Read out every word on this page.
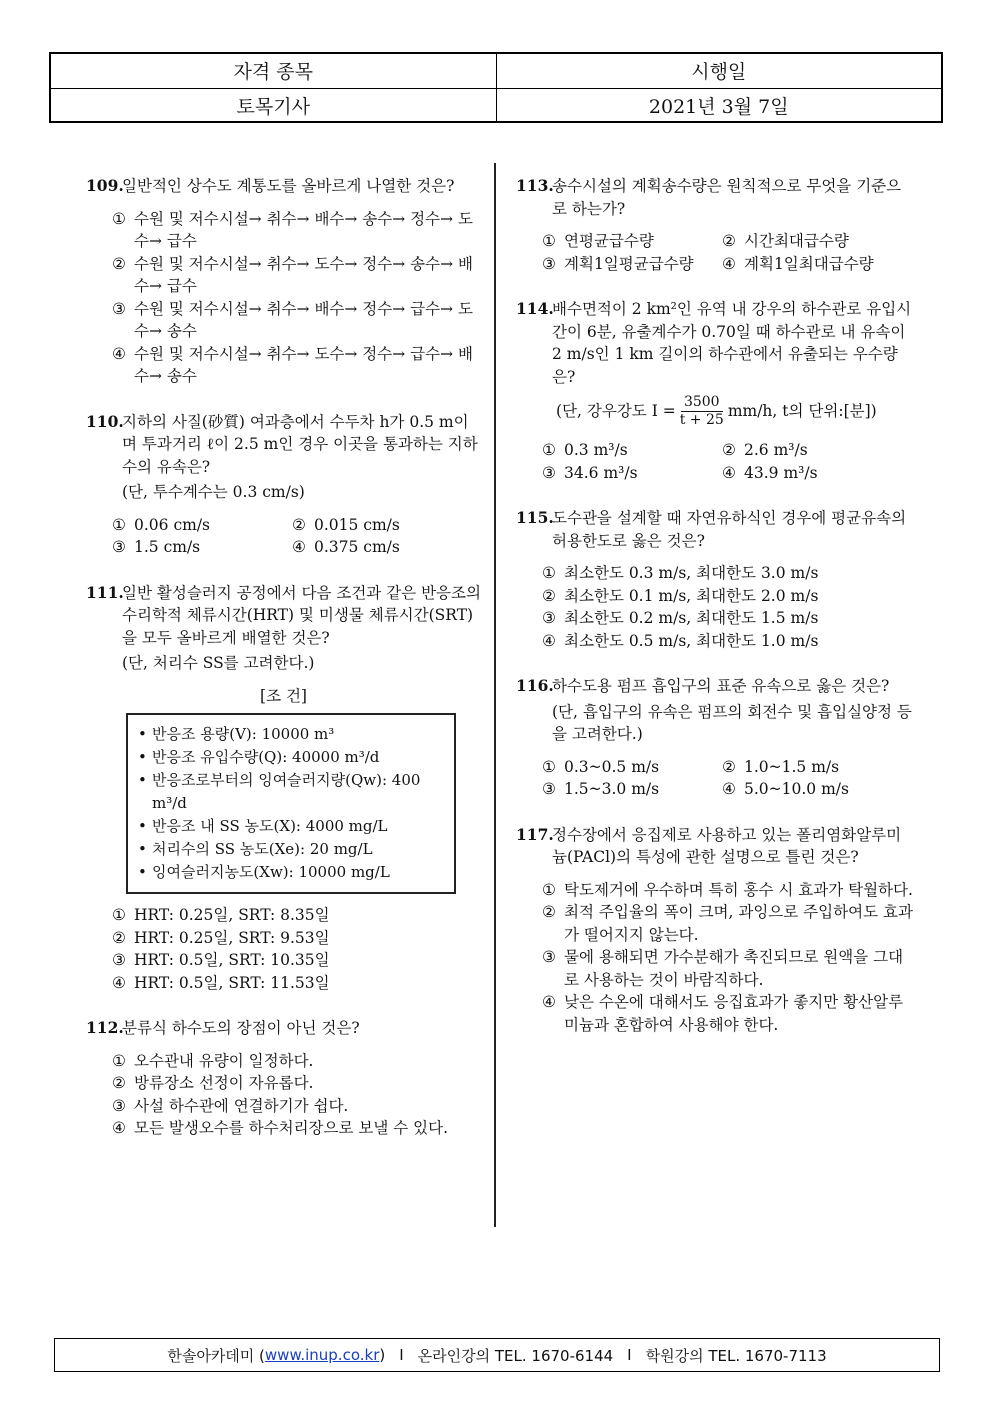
자격 종목	시행일
토목기사	2021년 3월 7일
109.
일반적인 상수도 계통도를 올바르게 나열한 것은?
① 수원 및 저수시설→ 취수→ 배수→ 송수→ 정수→ 도수→ 급수
② 수원 및 저수시설→ 취수→ 도수→ 정수→ 송수→ 배수→ 급수
③ 수원 및 저수시설→ 취수→ 배수→ 정수→ 급수→ 도수→ 송수
④ 수원 및 저수시설→ 취수→ 도수→ 정수→ 급수→ 배수→ 송수
110.
지하의 사질(砂質) 여과층에서 수두차 h가 0.5 m이며 투과거리 ℓ이 2.5 m인 경우 이곳을 통과하는 지하수의 유속은?
(단, 투수계수는 0.3 cm/s)
① 0.06 cm/s	② 0.015 cm/s
③ 1.5 cm/s	④ 0.375 cm/s
111.
일반 활성슬러지 공정에서 다음 조건과 같은 반응조의 수리학적 체류시간(HRT) 및 미생물 체류시간(SRT)을 모두 올바르게 배열한 것은?
(단, 처리수 SS를 고려한다.)
[조 건]
• 반응조 용량(V): 10000 m³
• 반응조 유입수량(Q): 40000 m³/d
• 반응조로부터의 잉여슬러지량(Qw): 400 m³/d
• 반응조 내 SS 농도(X): 4000 mg/L
• 처리수의 SS 농도(Xe): 20 mg/L
• 잉여슬러지농도(Xw): 10000 mg/L
① HRT: 0.25일, SRT: 8.35일
② HRT: 0.25일, SRT: 9.53일
③ HRT: 0.5일, SRT: 10.35일
④ HRT: 0.5일, SRT: 11.53일
112.
분류식 하수도의 장점이 아닌 것은?
① 오수관내 유량이 일정하다.
② 방류장소 선정이 자유롭다.
③ 사설 하수관에 연결하기가 쉽다.
④ 모든 발생오수를 하수처리장으로 보낼 수 있다.
113.
송수시설의 계획송수량은 원칙적으로 무엇을 기준으로 하는가?
① 연평균급수량	② 시간최대급수량
③ 계획1일평균급수량	④ 계획1일최대급수량
114.
배수면적이 2 km²인 유역 내 강우의 하수관로 유입시간이 6분, 유출계수가 0.70일 때 하수관로 내 유속이 2 m/s인 1 km 길이의 하수관에서 유출되는 우수량은?
(단, 강우강도 $I = \frac{3500}{t + 25} mm/h$, t의 단위:[분])
① 0.3 m³/s	② 2.6 m³/s
③ 34.6 m³/s	④ 43.9 m³/s
115.
도수관을 설계할 때 자연유하식인 경우에 평균유속의 허용한도로 옳은 것은?
① 최소한도 0.3 m/s, 최대한도 3.0 m/s
② 최소한도 0.1 m/s, 최대한도 2.0 m/s
③ 최소한도 0.2 m/s, 최대한도 1.5 m/s
④ 최소한도 0.5 m/s, 최대한도 1.0 m/s
116.
하수도용 펌프 흡입구의 표준 유속으로 옳은 것은?
(단, 흡입구의 유속은 펌프의 회전수 및 흡입실양정 등을 고려한다.)
① 0.3~0.5 m/s	② 1.0~1.5 m/s
③ 1.5~3.0 m/s	④ 5.0~10.0 m/s
117.
정수장에서 응집제로 사용하고 있는 폴리염화알루미늄(PACl)의 특성에 관한 설명으로 틀린 것은?
① 탁도제거에 우수하며 특히 홍수 시 효과가 탁월하다.
② 최적 주입율의 폭이 크며, 과잉으로 주입하여도 효과가 떨어지지 않는다.
③ 물에 용해되면 가수분해가 촉진되므로 원액을 그대로 사용하는 것이 바람직하다.
④ 낮은 수온에 대해서도 응집효과가 좋지만 황산알루미늄과 혼합하여 사용해야 한다.
한솔아카데미 ( www.inup.co.kr ) I 온라인강의 TEL. 1670-6144 I 학원강의 TEL. 1670-7113
